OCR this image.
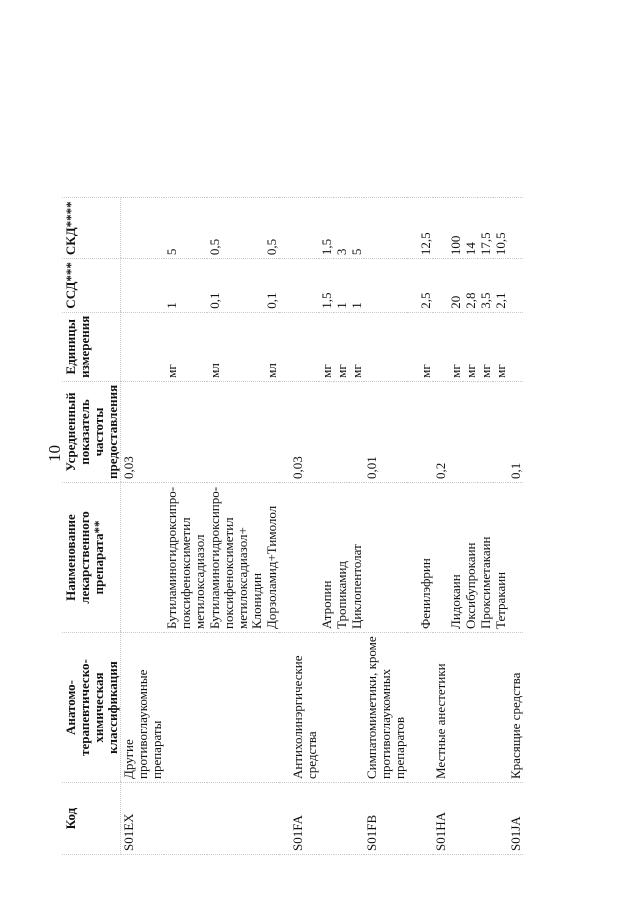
10
Код	Анатомо-терапевтическо-химическая классификация	Наименование лекарственного препарата**	Усредненный показатель частоты предоставления	Единицы измерения	ССД***	СКД****
S01EX	Другие противоглаукомные препараты		0,03			
		Бутиламиногидроксипро-поксифеноксиметил метилоксадиазол		мг	1	5
		Бутиламиногидроксипро-поксифеноксиметил метилоксадиазол+ Клонидин		мл	0,1	0,5
		Дорзоламид+Тимолол		мл	0,1	0,5
S01FA	Антихолинэргические средства		0,03			
		Атропин		мг	1,5	1,5
		Тропикамид		мг	1	3
		Циклопентолат		мг	1	5
S01FB	Симпатомиметики, кроме противоглаукомных препаратов		0,01			
		Фенилэфрин		мг	2,5	12,5
S01HA	Местные анестетики		0,2			
		Лидокаин		мг	20	100
		Оксибупрокаин		мг	2,8	14
		Проксиметакаин		мг	3,5	17,5
		Тетракаин		мг	2,1	10,5
S01JA	Красящие средства		0,1			
